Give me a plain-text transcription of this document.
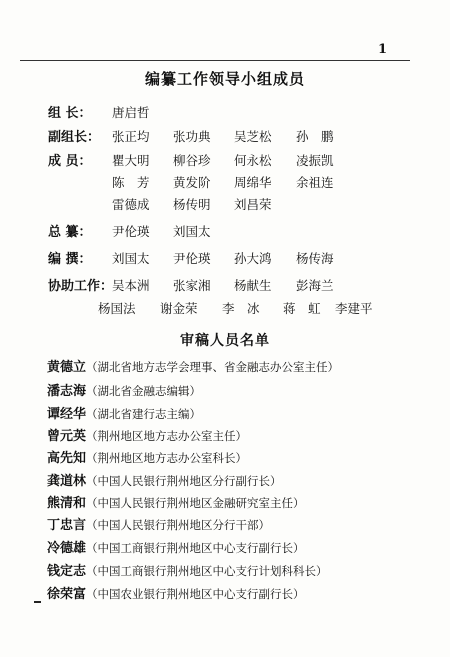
1
编纂工作领导小组成员
组 长： 唐启哲
副组长： 张正均 张功典 吴芝松 孙　鹏
成 员： 瞿大明 柳谷珍 何永松 凌振凯
陈　芳 黄发阶 周绵华 余祖连
雷德成 杨传明 刘昌荣
总 纂： 尹伦瑛 刘国太
编 撰： 刘国太 尹伦瑛 孙大鸿 杨传海
协助工作：
吴本洲 张家湘 杨献生 彭海兰
杨国法 谢金荣 李　冰 蒋　虹 李建平
审稿人员名单
黄德立（湖北省地方志学会理事、省金融志办公室主任）
潘志海（湖北省金融志编辑）
谭经华（湖北省建行志主编）
曾元英（荆州地区地方志办公室主任）
高先知（荆州地区地方志办公室科长）
龚道林（中国人民银行荆州地区分行副行长）
熊清和（中国人民银行荆州地区金融研究室主任）
丁忠言（中国人民银行荆州地区分行干部）
冷德雄（中国工商银行荆州地区中心支行副行长）
钱定志（中国工商银行荆州地区中心支行计划科科长）
徐荣富（中国农业银行荆州地区中心支行副行长）
